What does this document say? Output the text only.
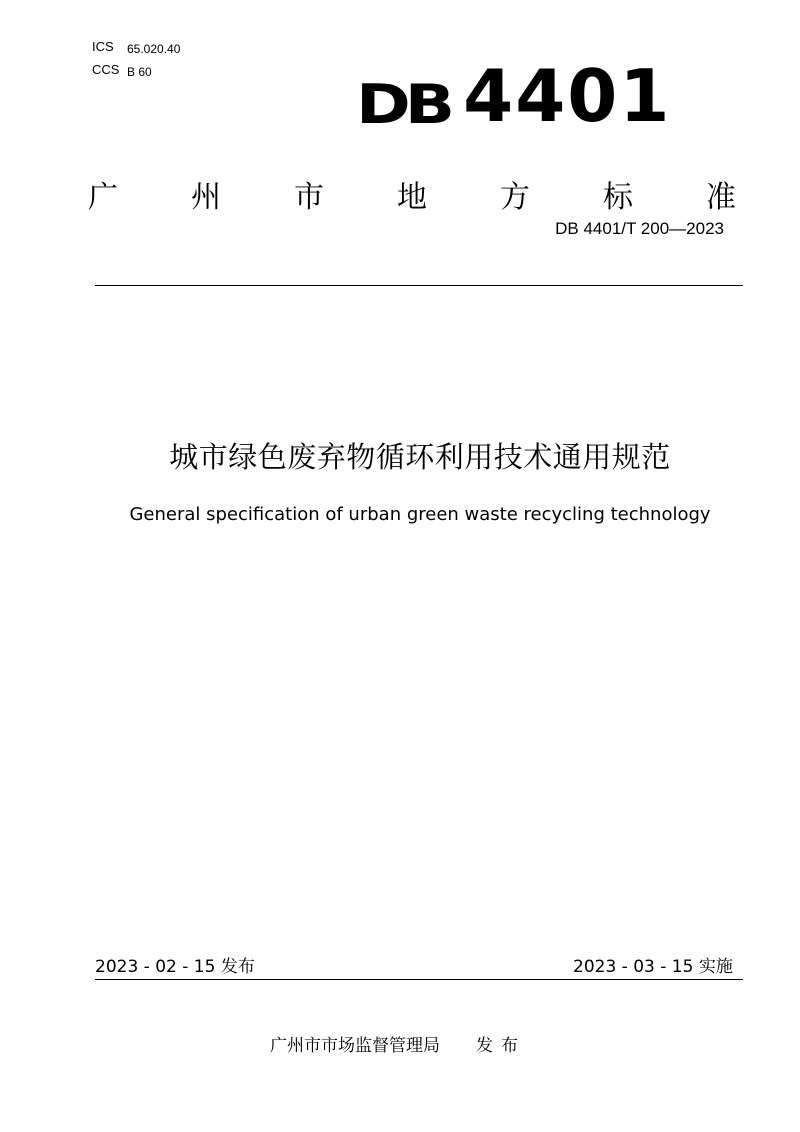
ICS 65.020.40
CCS B 60
DB 4401
广 州 市 地 方 标 准
DB 4401/T 200—2023
城市绿色废弃物循环利用技术通用规范
General specification of urban green waste recycling technology
2023 - 02 - 15 发布	2023 - 03 - 15 实施
广州市市场监督管理局 发布
